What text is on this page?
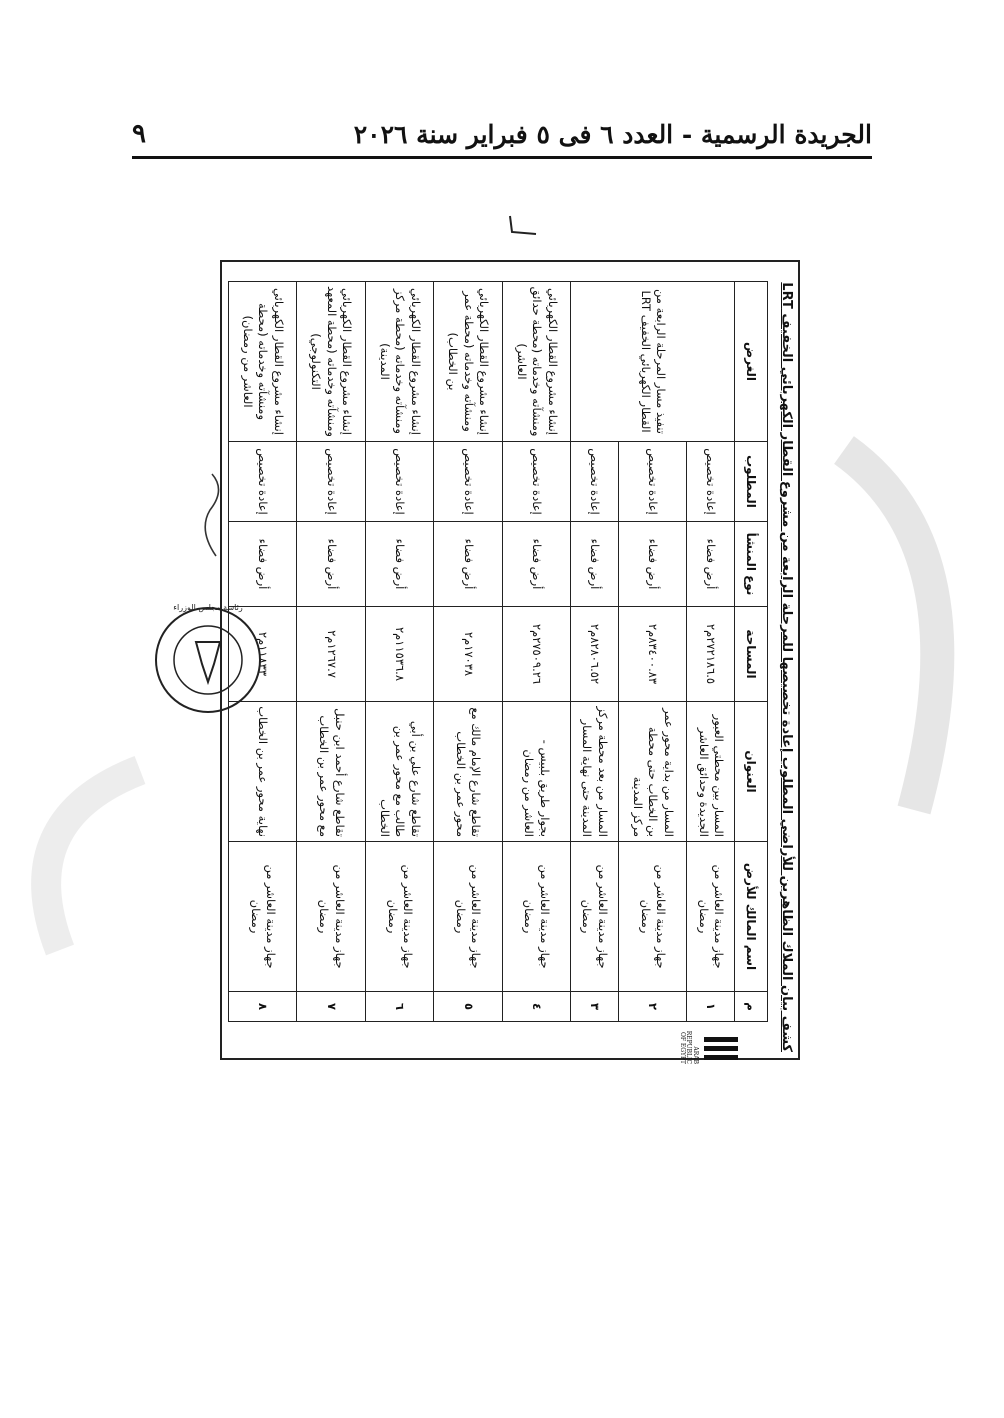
الجريدة الرسمية - العدد ٦ فى ٥ فبراير سنة ٢٠٢٦
٩
كشف بيان الملاك الظاهرين للأراضي المطلوب إعادة تخصيصها للمرحلة الرابعة من مشروع القطار الكهربائي الخفيف LRT
ARAB REPUBLIC OF EGYPT
م	اسم المالك للأرض	العنوان	المساحة	نوع المنشأ	المطلوب	الغرض
١	جهاز مدينة العاشر من رمضان	المسار بين محطتي العبور الجديدة وحدائق العاشر	٢٧٢١٨٦.٥م٢	أرض فضاء	إعادة تخصيص	تنفيذ مسار المرحلة الرابعة من القطار الكهربائي الخفيف LRT
٢	جهاز مدينة العاشر من رمضان	المسار من بداية محور عمر بن الخطاب حتى محطة مركز المدينة	٨٣٤٠٠.٨٣م٢	أرض فضاء	إعادة تخصيص	
٣	جهاز مدينة العاشر من رمضان	المسار من بعد محطة مركز المدينة حتى نهاية المسار	٨٢٨٠٦.٥٢م٢	أرض فضاء	إعادة تخصيص	
٤	جهاز مدينة العاشر من رمضان	بجوار طريق بلبيس - العاشر من رمضان	٢٧٥٠٩.٢٦م٢	أرض فضاء	إعادة تخصيص	إنشاء مشروع القطار الكهربائي ومنشآته وخدماته (محطة حدائق العاشر)
٥	جهاز مدينة العاشر من رمضان	تقاطع شارع الإمام مالك مع محور عمر بن الخطاب	١٧٠٣٨م٢	أرض فضاء	إعادة تخصيص	إنشاء مشروع القطار الكهربائي ومنشآته وخدماته (محطة عمر بن الخطاب)
٦	جهاز مدينة العاشر من رمضان	تقاطع شارع علي بن أبي طالب مع محور عمر بن الخطاب	١١٥٣٦.٨م٢	أرض فضاء	إعادة تخصيص	إنشاء مشروع القطار الكهربائي ومنشآته وخدماته (محطة مركز المدينة)
٧	جهاز مدينة العاشر من رمضان	تقاطع شارع أحمد ابن حنبل مع محور عمر بن الخطاب	١٢٦٧.٧م٢	أرض فضاء	إعادة تخصيص	إنشاء مشروع القطار الكهربائي ومنشآته وخدماته (محطة المعهد التكنولوجي)
٨	جهاز مدينة العاشر من رمضان	نهاية محور عمر بن الخطاب	١١٨٣٣م٢	أرض فضاء	إعادة تخصيص	إنشاء مشروع القطار الكهربائي ومنشآته وخدماته (محطة العاشر من رمضان)
رئاسة مجلس الوزراء
